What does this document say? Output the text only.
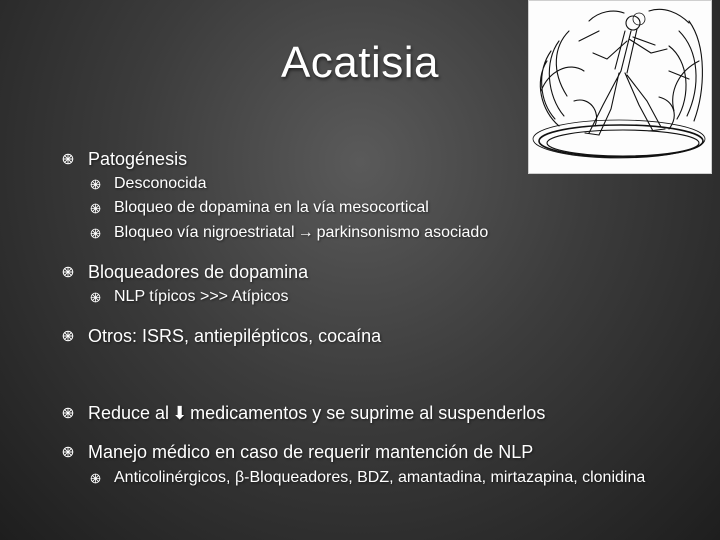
Acatisia
Patogénesis
Desconocida
Bloqueo de dopamina en la vía mesocortical
Bloqueo vía nigroestriatal → parkinsonismo asociado
Bloqueadores de dopamina
NLP típicos >>> Atípicos
Otros: ISRS, antiepilépticos, cocaína
Reduce al ⬇ medicamentos y se suprime al suspenderlos
Manejo médico en caso de requerir mantención de NLP
Anticolinérgicos, β-Bloqueadores, BDZ, amantadina, mirtazapina, clonidina
